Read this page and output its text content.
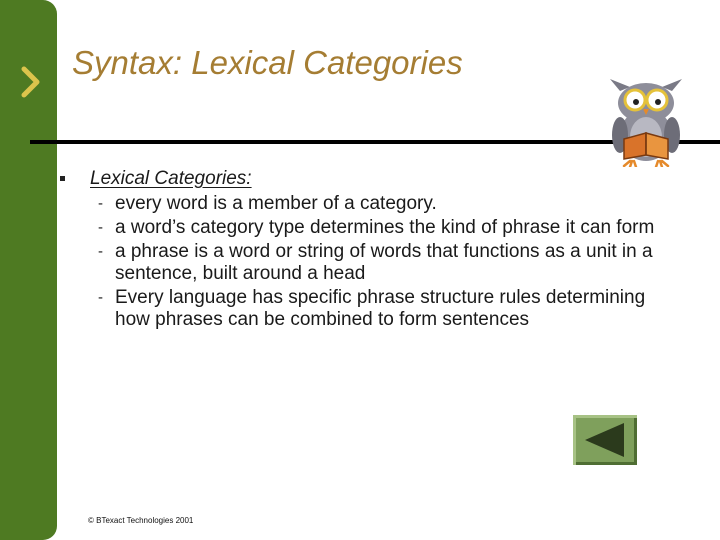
Syntax: Lexical Categories
Lexical Categories:
- every word is a member of a category.
- a word’s category type determines the kind of phrase it can form
- a phrase is a word or string of words that functions as a unit in a sentence, built around a head
- Every language has specific phrase structure rules determining how phrases can be combined to form sentences
© BTexact Technologies 2001
